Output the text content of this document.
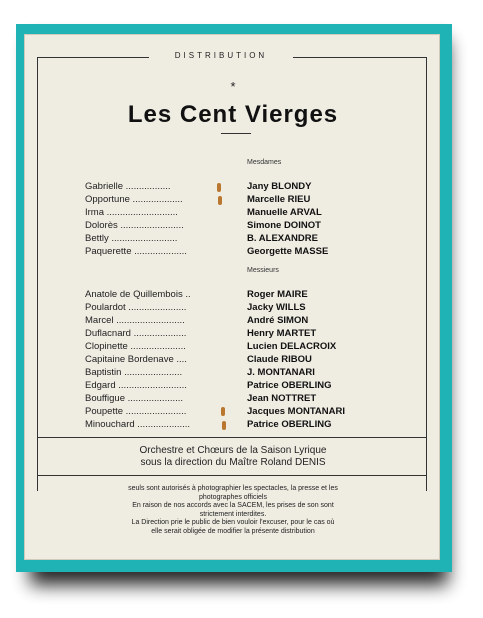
DISTRIBUTION
*
Les Cent Vierges
Mesdames
Gabrielle .................	Jany BLONDY
Opportune ...................	Marcelle RIEU
Irma ...........................	Manuelle ARVAL
Dolorès ........................	Simone DOINOT
Bettly .........................	B. ALEXANDRE
Paquerette ....................	Georgette MASSE
Messieurs
Anatole de Quillembois ..	Roger MAIRE
Poulardot ......................	Jacky WILLS
Marcel ..........................	André SIMON
Duflacnard ....................	Henry MARTET
Clopinette .....................	Lucien DELACROIX
Capitaine Bordenave ....	Claude RIBOU
Baptistin ......................	J. MONTANARI
Edgard ..........................	Patrice OBERLING
Bouffigue .....................	Jean NOTTRET
Poupette .......................	Jacques MONTANARI
Minouchard ....................	Patrice OBERLING
Orchestre et Chœurs de la Saison Lyrique
sous la direction du Maître Roland DENIS
seuls sont autorisés à photographier les spectacles, la presse et les
photographes officiels
En raison de nos accords avec la SACEM, les prises de son sont
strictement interdites.
La Direction prie le public de bien vouloir l'excuser, pour le cas où
elle serait obligée de modifier la présente distribution
